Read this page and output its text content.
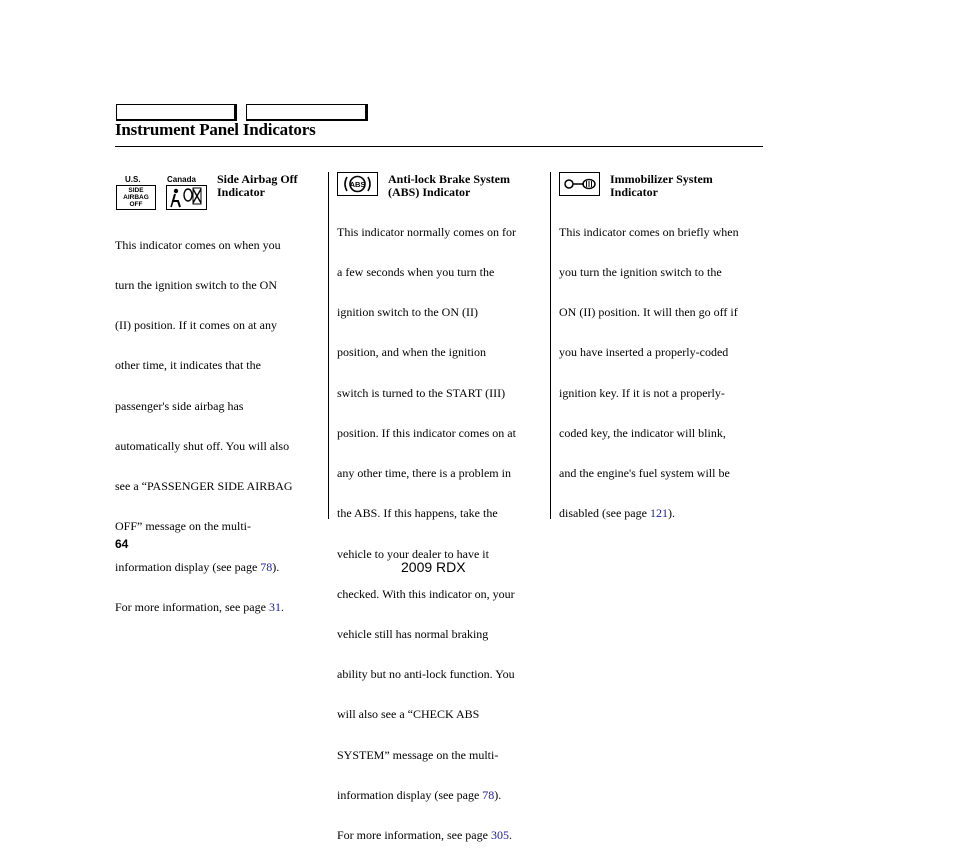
Instrument Panel Indicators
U.S.	Canada
SIDE
AIRBAG
OFF
Side Airbag Off
Indicator

This indicator comes on when you

turn the ignition switch to the ON

(II) position. If it comes on at any

other time, it indicates that the

passenger's side airbag has

automatically shut off. You will also

see a “PASSENGER SIDE AIRBAG

OFF” message on the multi-

information display (see page 78).

For more information, see page 31.

ABS Anti-lock Brake System
(ABS) Indicator

This indicator normally comes on for

a few seconds when you turn the

ignition switch to the ON (II)

position, and when the ignition

switch is turned to the START (III)

position. If this indicator comes on at

any other time, there is a problem in

the ABS. If this happens, take the

vehicle to your dealer to have it

checked. With this indicator on, your

vehicle still has normal braking

ability but no anti-lock function. You

will also see a “CHECK ABS

SYSTEM” message on the multi-

information display (see page 78).

For more information, see page 305.

Immobilizer System
Indicator

This indicator comes on briefly when

you turn the ignition switch to the

ON (II) position. It will then go off if

you have inserted a properly-coded

ignition key. If it is not a properly-

coded key, the indicator will blink,

and the engine's fuel system will be

disabled (see page 121).

64
2009 RDX
